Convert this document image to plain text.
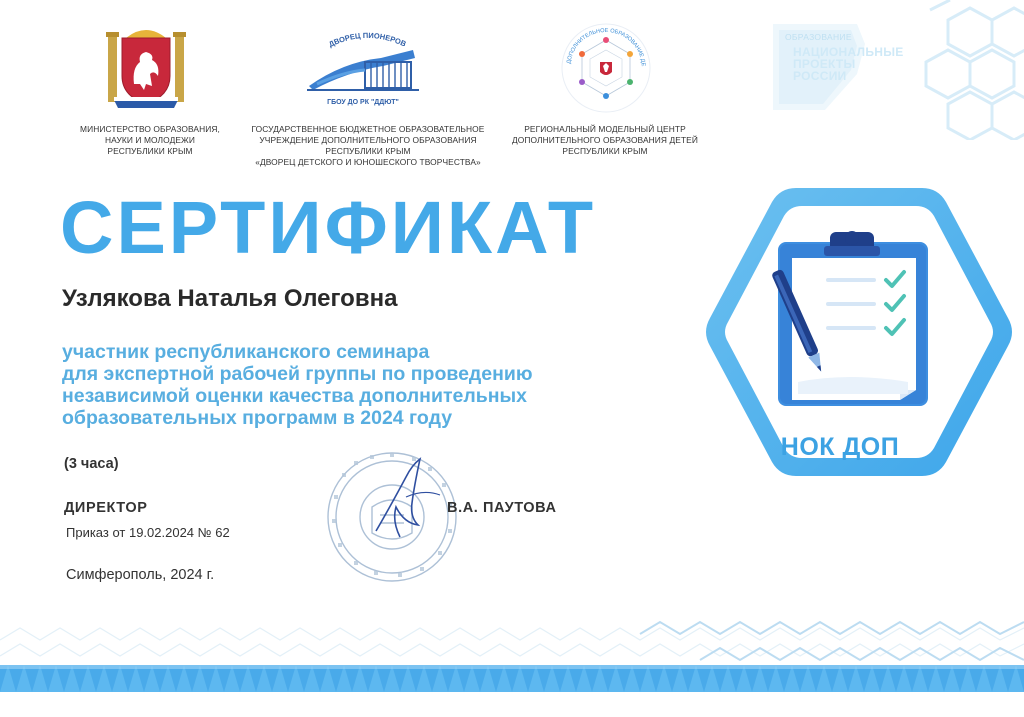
ДВОРЕЦ ПИОНЕРОВ
ГБОУ ДО РК "ДДЮТ"
ДОПОЛНИТЕЛЬНОЕ ОБРАЗОВАНИЕ ДЕ
МИНИСТЕРСТВО ОБРАЗОВАНИЯ,
НАУКИ И МОЛОДЕЖИ
РЕСПУБЛИКИ КРЫМ
ГОСУДАРСТВЕННОЕ БЮДЖЕТНОЕ ОБРАЗОВАТЕЛЬНОЕ
УЧРЕЖДЕНИЕ ДОПОЛНИТЕЛЬНОГО ОБРАЗОВАНИЯ
РЕСПУБЛИКИ КРЫМ
«ДВОРЕЦ ДЕТСКОГО И ЮНОШЕСКОГО ТВОРЧЕСТВА»
РЕГИОНАЛЬНЫЙ МОДЕЛЬНЫЙ ЦЕНТР
ДОПОЛНИТЕЛЬНОГО ОБРАЗОВАНИЯ ДЕТЕЙ
РЕСПУБЛИКИ КРЫМ
ОБРАЗОВАНИЕ
НАЦИОНАЛЬНЫЕ
ПРОЕКТЫ
РОССИИ
СЕРТИФИКАТ
Узлякова Наталья Олеговна
участник республиканского семинара
для экспертной рабочей группы по проведению
независимой оценки качества дополнительных
образовательных программ в 2024 году
(3 часа)
ДИРЕКТОР	В.А. ПАУТОВА
Приказ от 19.02.2024 № 62
Симферополь, 2024 г.
НОК ДОП
